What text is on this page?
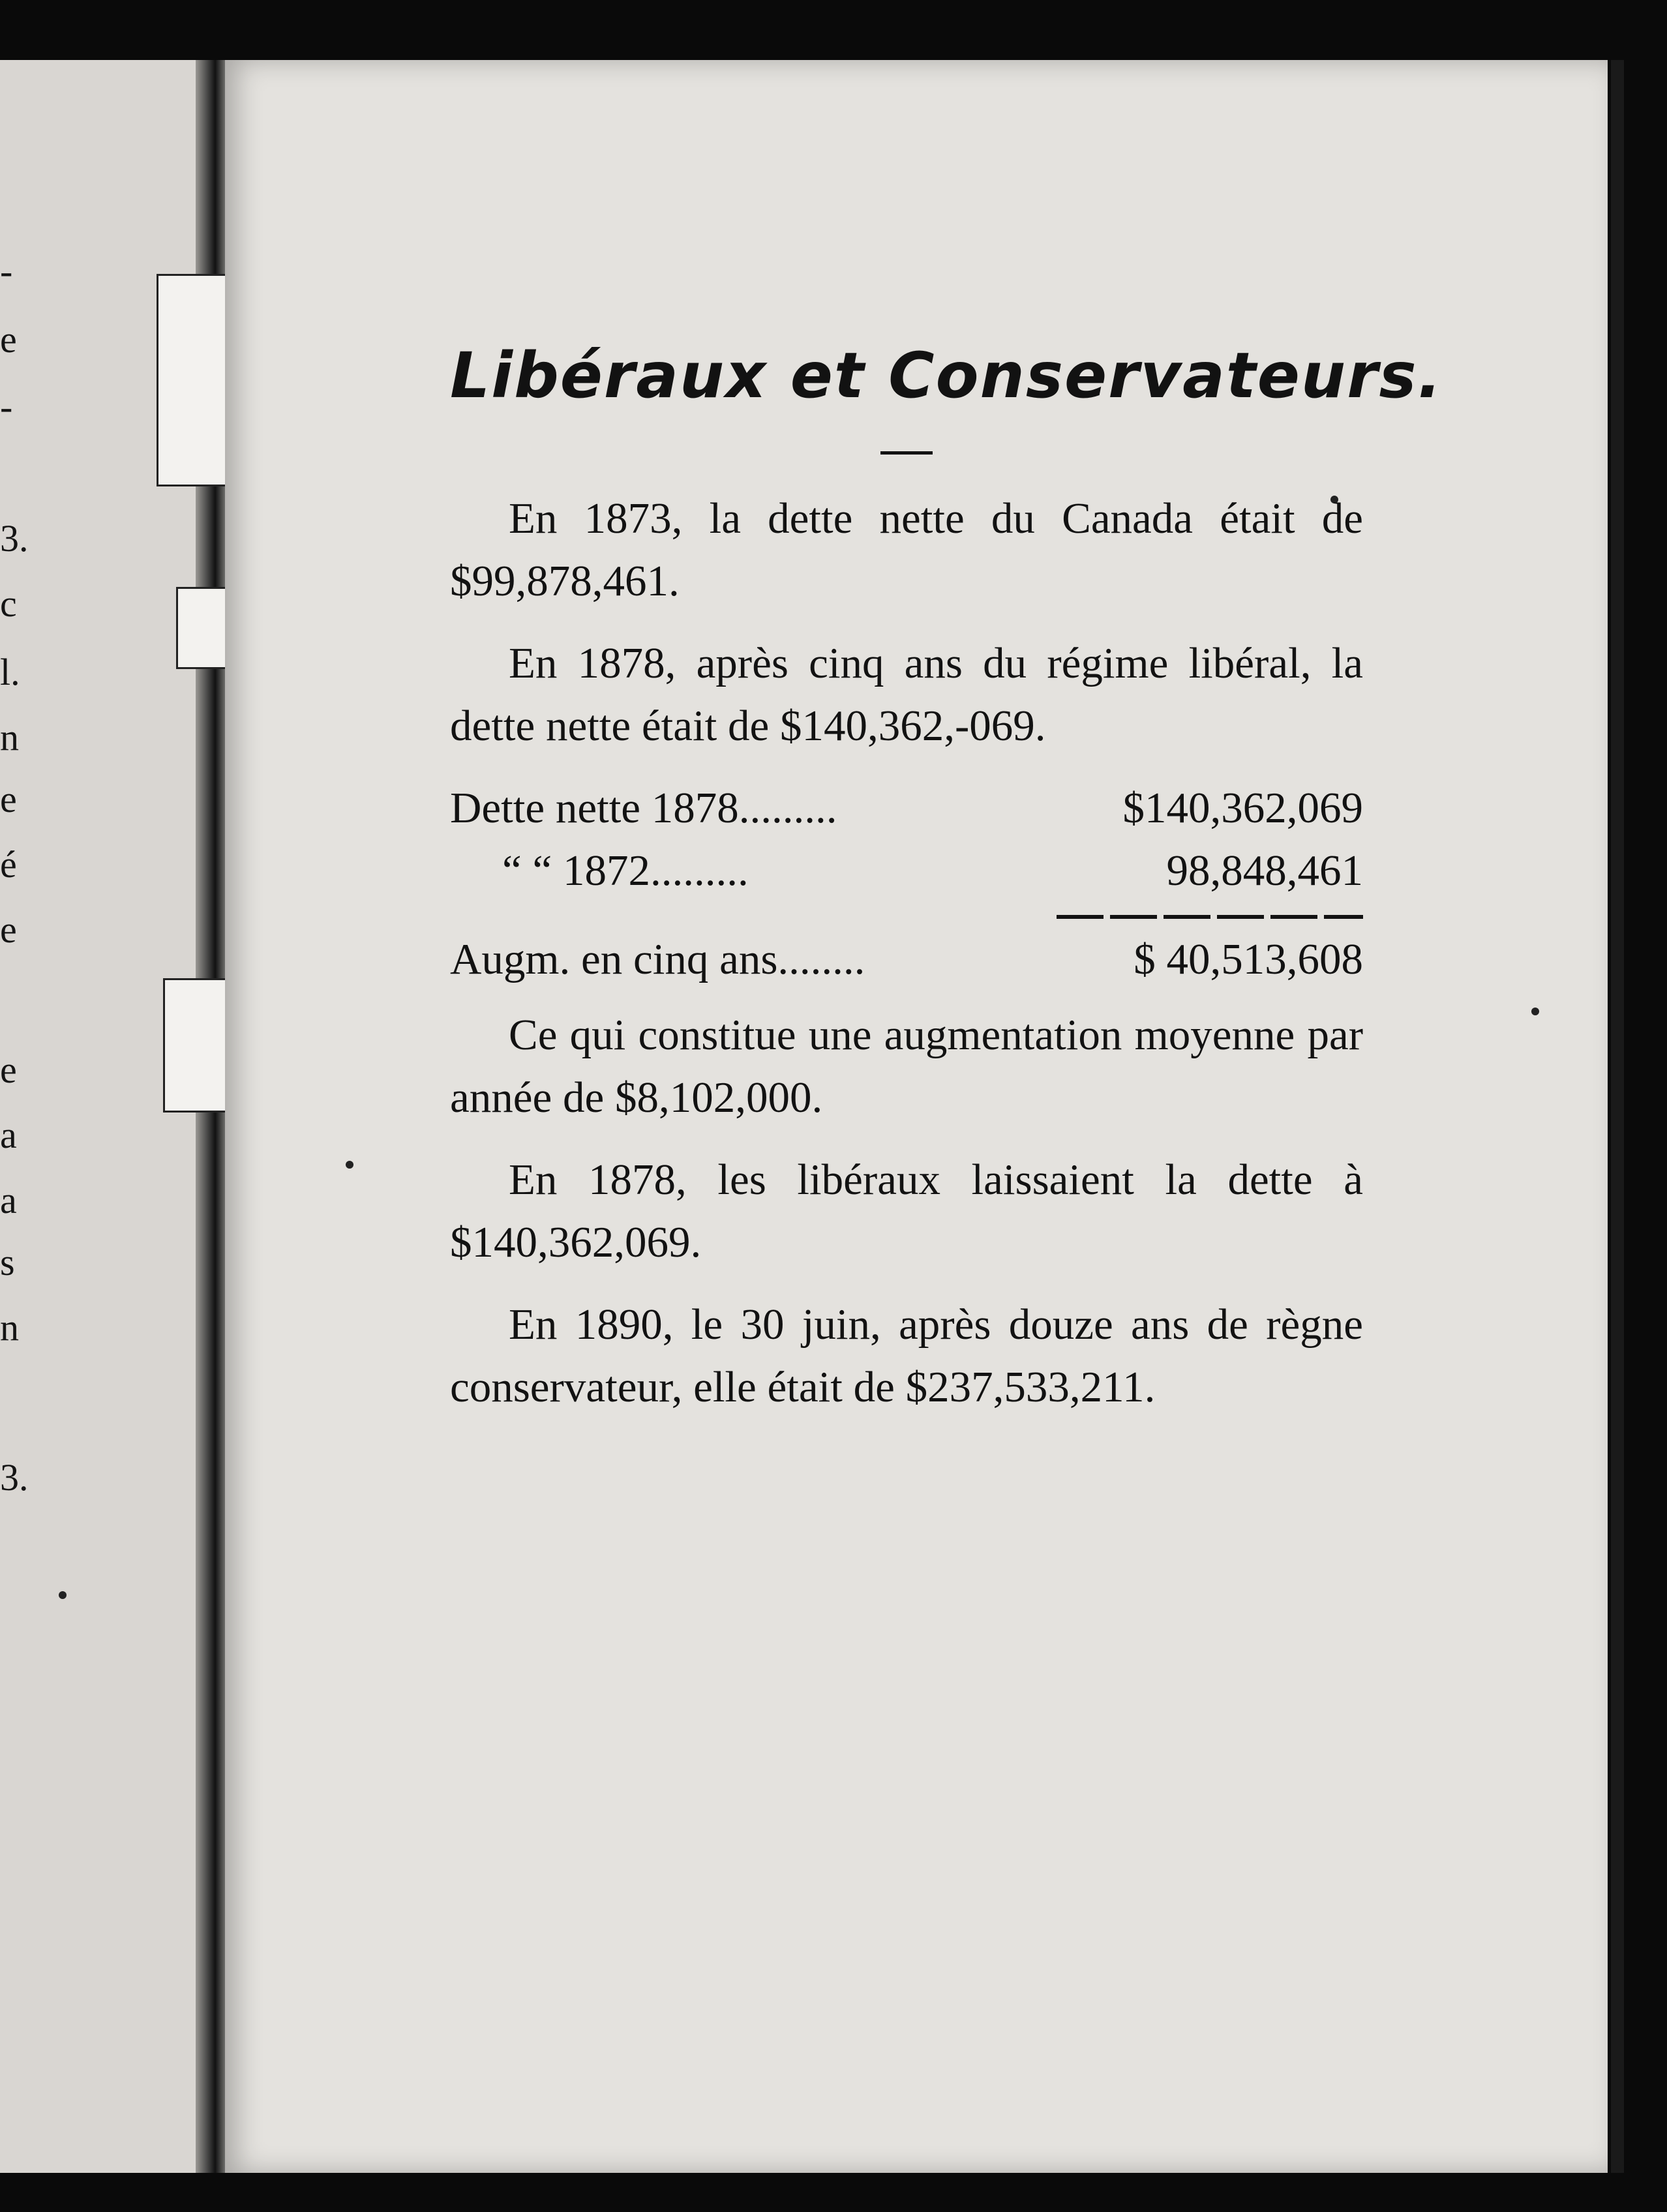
-
e
-
3.
c
l.
n
e
é
e
e
a
a
s
n
3.
Libéraux et Conservateurs.

En 1873, la dette nette du Canada était de $99,878,461.

En 1878, après cinq ans du régime libéral, la dette nette était de $140,362,-069.

Dette nette 1878.........	$140,362,069
“ “ 1872.........	98,848,461
Augm. en cinq ans........	$ 40,513,608

Ce qui constitue une augmentation moyenne par année de $8,102,000.

En 1878, les libéraux laissaient la dette à $140,362,069.

En 1890, le 30 juin, après douze ans de règne conservateur, elle était de $237,533,211.
